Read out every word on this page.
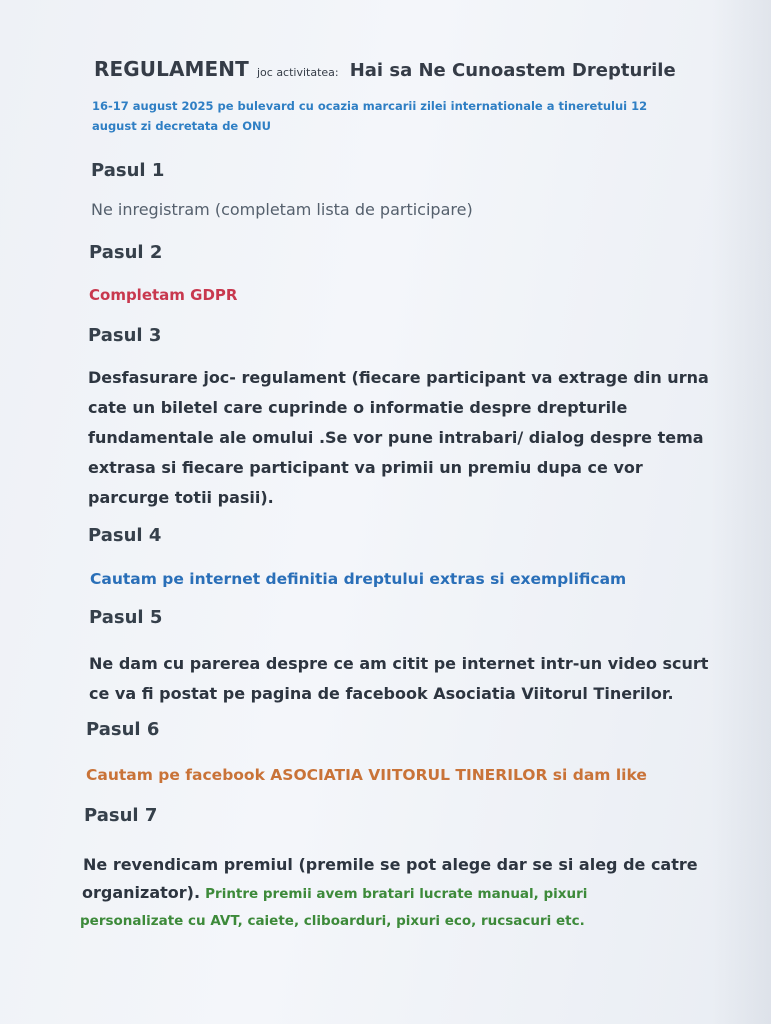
REGULAMENT joc activitatea: Hai sa Ne Cunoastem Drepturile
16-17 august 2025 pe bulevard cu ocazia marcarii zilei internationale a tineretului 12
august zi decretata de ONU
Pasul 1
Ne inregistram (completam lista de participare)
Pasul 2
Completam GDPR
Pasul 3
Desfasurare joc- regulament (fiecare participant va extrage din urna
cate un biletel care cuprinde o informatie despre drepturile
fundamentale ale omului .Se vor pune intrabari/ dialog despre tema
extrasa si fiecare participant va primii un premiu dupa ce vor
parcurge totii pasii).
Pasul 4
Cautam pe internet definitia dreptului extras si exemplificam
Pasul 5
Ne dam cu parerea despre ce am citit pe internet intr-un video scurt
ce va fi postat pe pagina de facebook Asociatia Viitorul Tinerilor.
Pasul 6
Cautam pe facebook ASOCIATIA VIITORUL TINERILOR si dam like
Pasul 7
Ne revendicam premiul (premile se pot alege dar se si aleg de catre
organizator). Printre premii avem bratari lucrate manual, pixuri
personalizate cu AVT, caiete, cliboarduri, pixuri eco, rucsacuri etc.
